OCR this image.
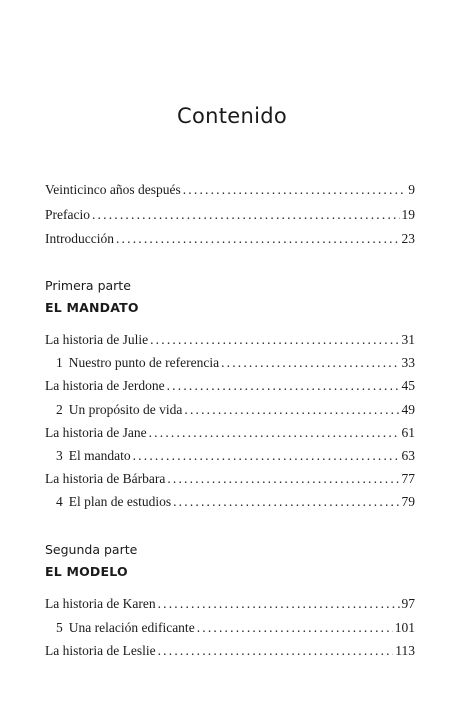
Contenido
Veinticinco años después .....	9
Prefacio .....	19
Introducción .....	23
Primera parte
EL MANDATO
La historia de Julie .....	31
1 Nuestro punto de referencia .....	33
La historia de Jerdone .....	45
2 Un propósito de vida .....	49
La historia de Jane .....	61
3 El mandato .....	63
La historia de Bárbara .....	77
4 El plan de estudios .....	79
Segunda parte
EL MODELO
La historia de Karen .....	97
5 Una relación edificante .....	101
La historia de Leslie .....	113
